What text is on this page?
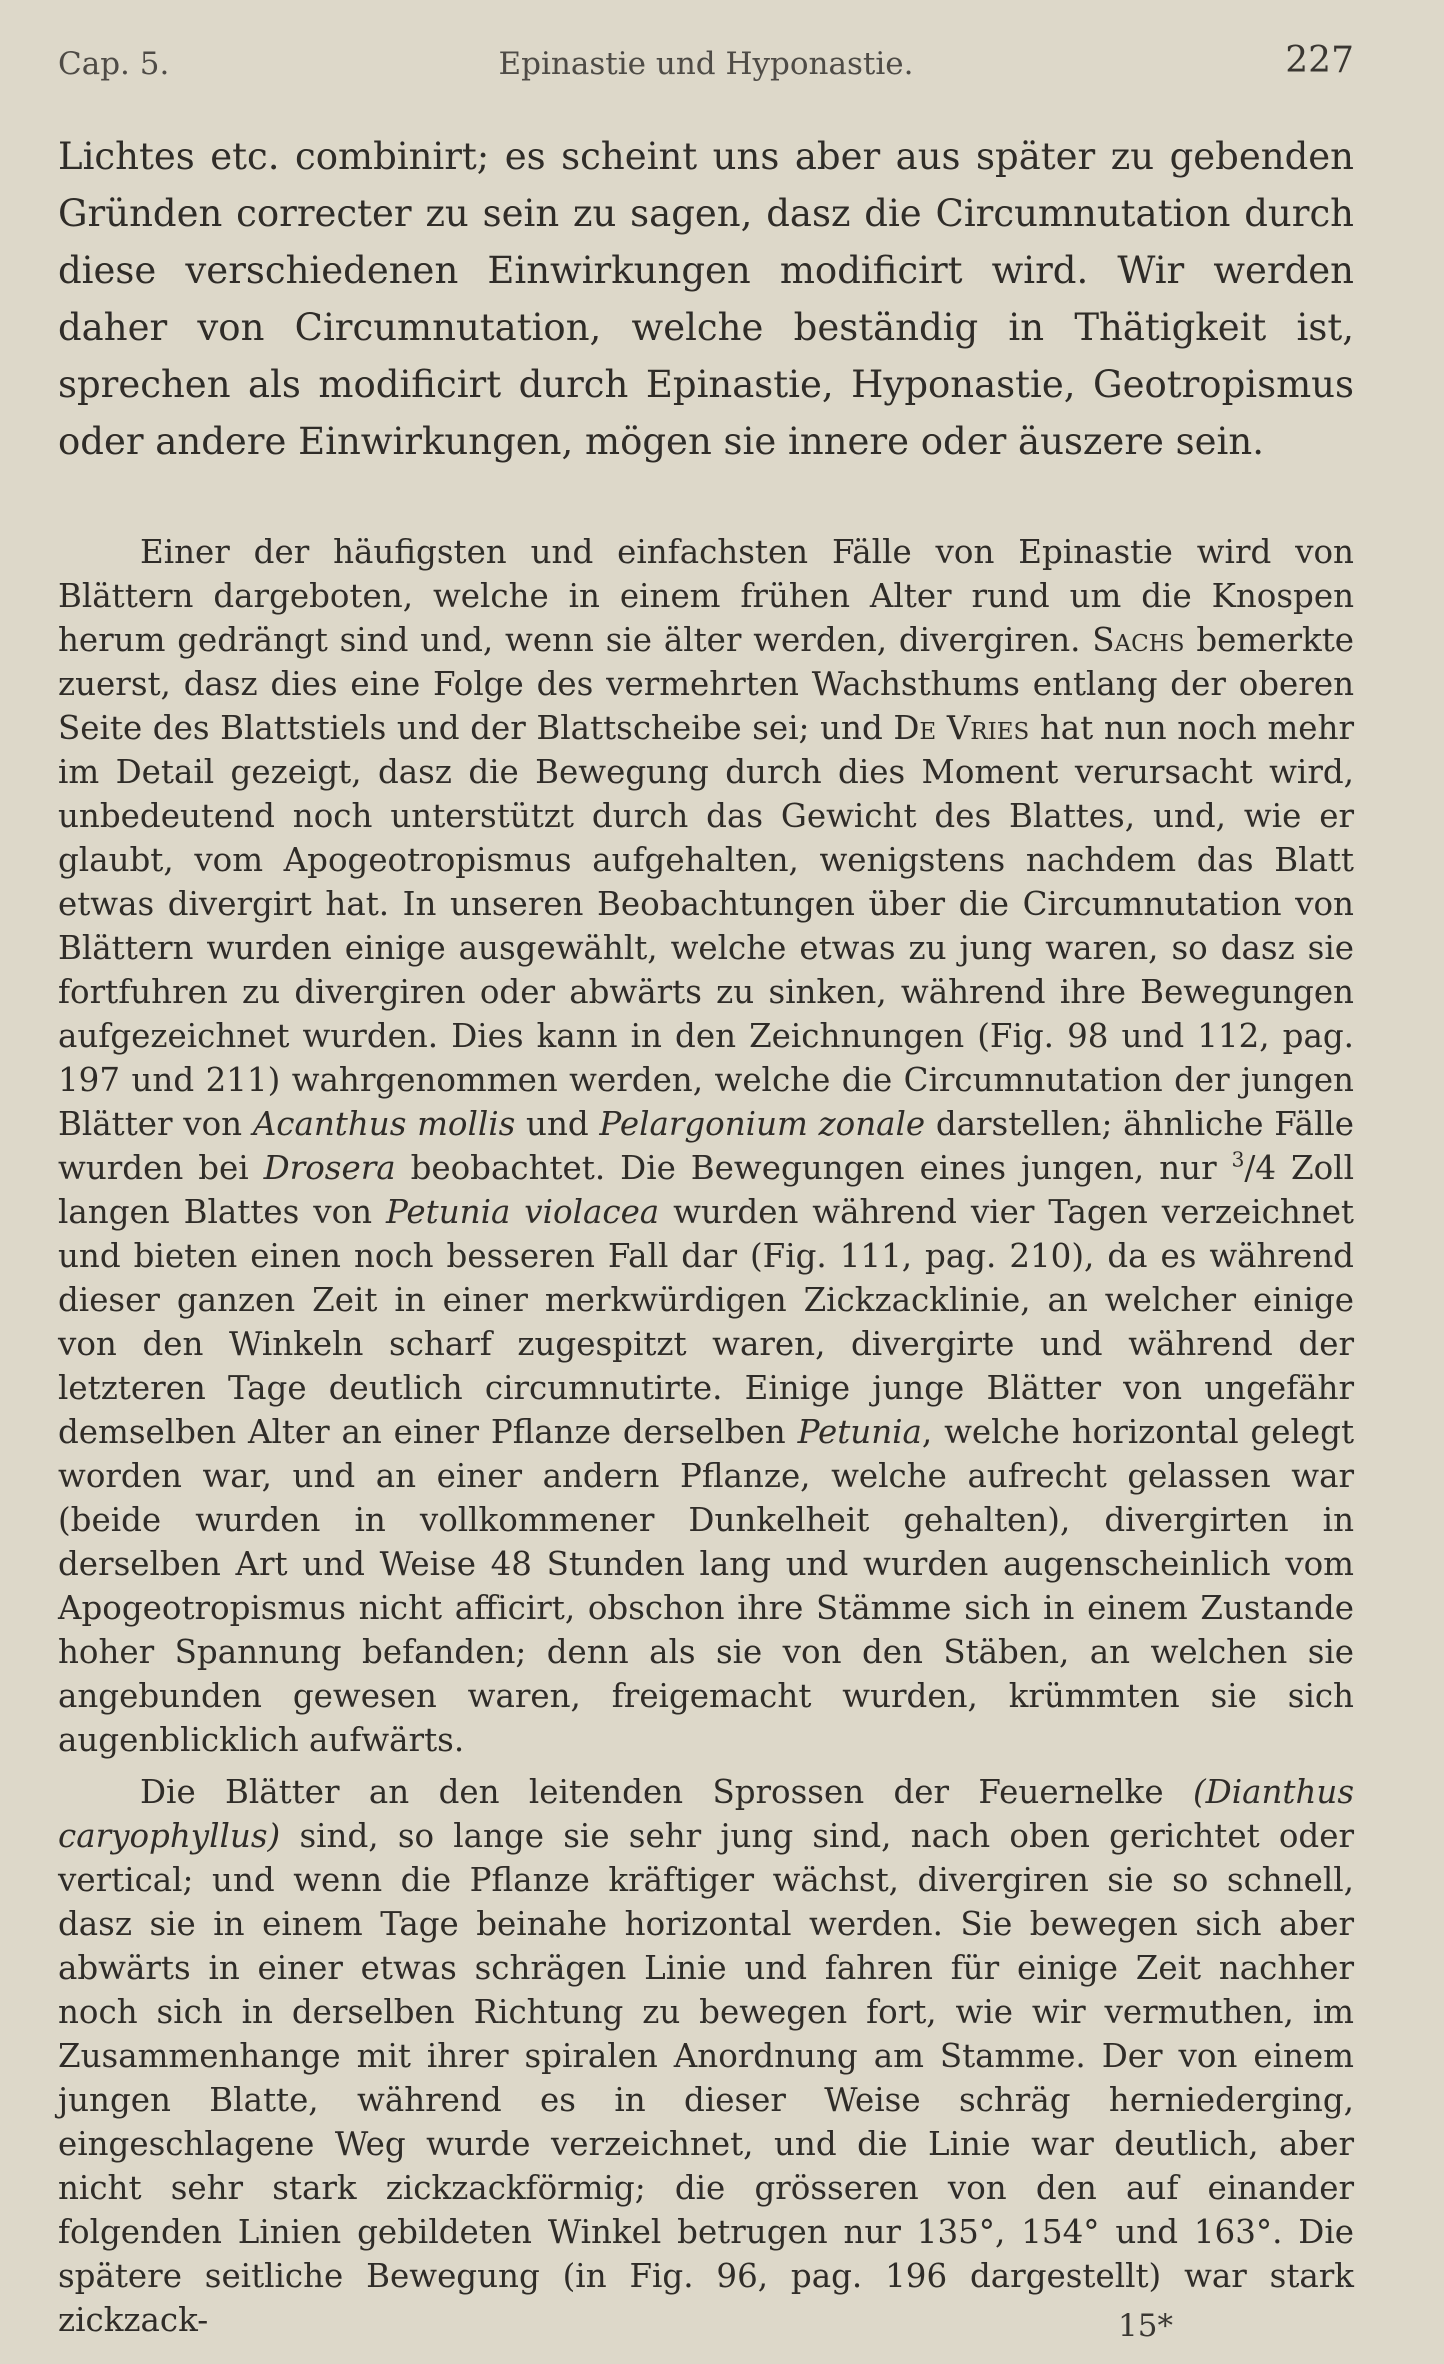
Cap. 5.	Epinastie und Hyponastie.	227

Lichtes etc. combinirt; es scheint uns aber aus später zu gebenden Gründen correcter zu sein zu sagen, dasz die Circumnutation durch diese verschiedenen Einwirkungen modificirt wird. Wir werden daher von Circumnutation, welche beständig in Thätigkeit ist, sprechen als modificirt durch Epinastie, Hyponastie, Geotropismus oder andere Einwirkungen, mögen sie innere oder äuszere sein.

Einer der häufigsten und einfachsten Fälle von Epinastie wird von Blättern dargeboten, welche in einem frühen Alter rund um die Knospen herum gedrängt sind und, wenn sie älter werden, divergiren. Sachs bemerkte zuerst, dasz dies eine Folge des vermehrten Wachsthums entlang der oberen Seite des Blattstiels und der Blattscheibe sei; und De Vries hat nun noch mehr im Detail gezeigt, dasz die Bewegung durch dies Moment verursacht wird, unbedeutend noch unterstützt durch das Gewicht des Blattes, und, wie er glaubt, vom Apogeotropismus aufgehalten, wenigstens nachdem das Blatt etwas divergirt hat. In unseren Beobachtungen über die Circumnutation von Blättern wurden einige ausgewählt, welche etwas zu jung waren, so dasz sie fortfuhren zu divergiren oder abwärts zu sinken, während ihre Bewegungen aufgezeichnet wurden. Dies kann in den Zeichnungen (Fig. 98 und 112, pag. 197 und 211) wahrgenommen werden, welche die Circumnutation der jungen Blätter von Acanthus mollis und Pelargonium zonale darstellen; ähnliche Fälle wurden bei Drosera beobachtet. Die Bewegungen eines jungen, nur $^3$/4 Zoll langen Blattes von Petunia violacea wurden während vier Tagen verzeichnet und bieten einen noch besseren Fall dar (Fig. 111, pag. 210), da es während dieser ganzen Zeit in einer merkwürdigen Zickzacklinie, an welcher einige von den Winkeln scharf zugespitzt waren, divergirte und während der letzteren Tage deutlich circumnutirte. Einige junge Blätter von ungefähr demselben Alter an einer Pflanze derselben Petunia, welche horizontal gelegt worden war, und an einer andern Pflanze, welche aufrecht gelassen war (beide wurden in vollkommener Dunkelheit gehalten), divergirten in derselben Art und Weise 48 Stunden lang und wurden augenscheinlich vom Apogeotropismus nicht afficirt, obschon ihre Stämme sich in einem Zustande hoher Spannung befanden; denn als sie von den Stäben, an welchen sie angebunden gewesen waren, freigemacht wurden, krümmten sie sich augenblicklich aufwärts.

Die Blätter an den leitenden Sprossen der Feuernelke (Dianthus caryophyllus) sind, so lange sie sehr jung sind, nach oben gerichtet oder vertical; und wenn die Pflanze kräftiger wächst, divergiren sie so schnell, dasz sie in einem Tage beinahe horizontal werden. Sie bewegen sich aber abwärts in einer etwas schrägen Linie und fahren für einige Zeit nachher noch sich in derselben Richtung zu bewegen fort, wie wir vermuthen, im Zusammenhange mit ihrer spiralen Anordnung am Stamme. Der von einem jungen Blatte, während es in dieser Weise schräg herniederging, eingeschlagene Weg wurde verzeichnet, und die Linie war deutlich, aber nicht sehr stark zickzackförmig; die grösseren von den auf einander folgenden Linien gebildeten Winkel betrugen nur 135°, 154° und 163°. Die spätere seitliche Bewegung (in Fig. 96, pag. 196 dargestellt) war stark zickzack-	15*
